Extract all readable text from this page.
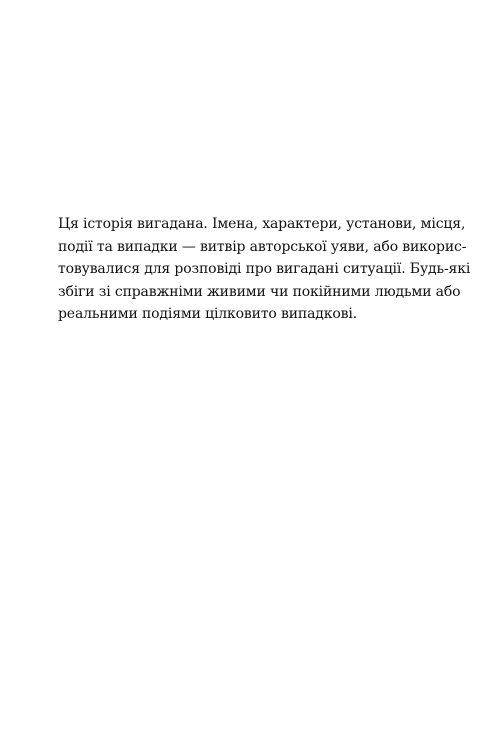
Ця історія вигадана. Імена, характери, установи, місця,
події та випадки — витвір авторської уяви, або викорис-
товувалися для розповіді про вигадані ситуації. Будь-які
збіги зі справжніми живими чи покійними людьми або
реальними подіями цілковито випадкові.
